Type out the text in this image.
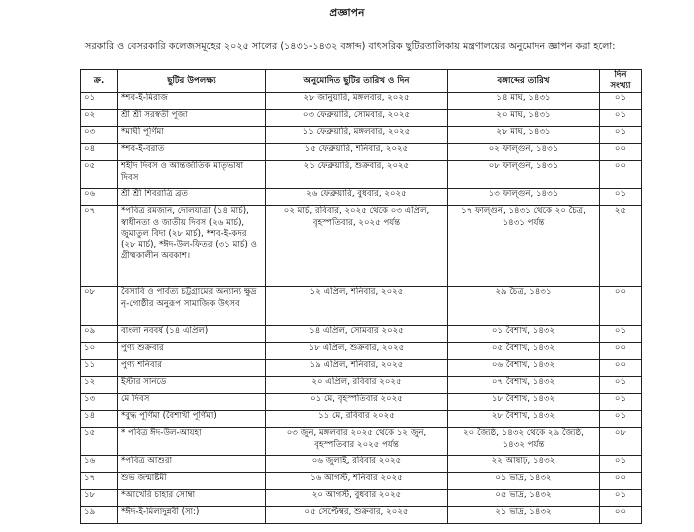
প্রজ্ঞাপন
সরকারি ও বেসরকারি কলেজসমূহের ২০২৫ সালের (১৪৩১-১৪৩২ বঙ্গাব্দ) বাৎসরিক ছুটিরতালিকায় মন্ত্রণালয়ের অনুমোদন জ্ঞাপন করা হলো:
ক্র.	ছুটির উপলক্ষ্য	অনুমোদিত ছুটির তারিখ ও দিন	বঙ্গাব্দের তারিখ	দিন সংখ্যা
০১	*শব-ই-মিরাজ	২৮ জানুয়ারি, মঙ্গলবার, ২০২৫	১৪ মাঘ, ১৪৩১	০১
০২	শ্রী শ্রী সরস্বতী পূজা	০৩ ফেব্রুয়ারি, সোমবার, ২০২৫	২০ মাঘ, ১৪৩১	০১
০৩	*মাঘী পূর্ণিমা	১১ ফেব্রুয়ারি, মঙ্গলবার, ২০২৫	২৮ মাঘ, ১৪৩১	০১
০৪	*শব-ই-বরাত	১৫ ফেব্রুয়ারি, শনিবার, ২০২৫	০২ ফাল্গুন, ১৪৩১	০০
০৫	শহীদ দিবস ও আন্তর্জাতিক মাতৃভাষা দিবস	২১ ফেব্রুয়ারি, শুক্রবার, ২০২৫	০৮ ফাল্গুন, ১৪৩১	০০
০৬	শ্রী শ্রী শিবরাত্রি ব্রত	২৬ ফেব্রুয়ারি, বুধবার, ২০২৫	১৩ ফাল্গুন, ১৪৩১	০১
০৭	*পবিত্র রমজান, দোলযাত্রা (১৪ মার্চ), স্বাধীনতা ও জাতীয় দিবস (২৬ মার্চ), জুমাতুল বিদা (২৮ মার্চ), *শব-ই-কদর (২৮ মার্চ), *ঈদ-উল-ফিতর (৩১ মার্চ) ও গ্রীষ্মকালীন অবকাশ।	০২ মার্চ, রবিবার, ২০২৫ থেকে ০৩ এপ্রিল, বৃহস্পতিবার, ২০২৫ পর্যন্ত	১৭ ফাল্গুন, ১৪৩১ থেকে ২০ চৈত্র, ১৪৩১ পর্যন্ত	২৫
০৮	বৈসাবি ও পার্বত্য চট্টগ্রামের অন্যান্য ক্ষুদ্র নৃ-গোষ্ঠীর অনুরূপ সামাজিক উৎসব	১২ এপ্রিল, শনিবার, ২০২৫	২৯ চৈত্র, ১৪৩১	০০
০৯	বাংলা নববর্ষ (১৪ এপ্রিল)	১৪ এপ্রিল, সোমবার ২০২৫	০১ বৈশাখ, ১৪৩২	০১
১০	পুণ্য শুক্রবার	১৮ এপ্রিল, শুক্রবার, ২০২৫	০৫ বৈশাখ, ১৪৩২	০০
১১	পুণ্য শনিবার	১৯ এপ্রিল, শনিবার, ২০২৫	০৬ বৈশাখ, ১৪৩২	০০
১২	ইস্টার সানডে	২০ এপ্রিল, রবিবার ২০২৫	০৭ বৈশাখ, ১৪৩২	০১
১৩	মে দিবস	০১ মে, বৃহস্পতিবার ২০২৫	১৮ বৈশাখ, ১৪৩২	০১
১৪	*বুদ্ধ পূর্ণিমা (বৈশাখী পূর্ণিমা)	১১ মে, রবিবার ২০২৫	২৮ বৈশাখ, ১৪৩২	০১
১৫	* পবিত্র ঈদ-উল-আযহা	০৩ জুন, মঙ্গলবার ২০২৫ থেকে ১২ জুন, বৃহস্পতিবার ২০২৫ পর্যন্ত	২০ জ্যৈষ্ঠ, ১৪৩২ থেকে ২৯ জ্যৈষ্ঠ, ১৪৩২ পর্যন্ত	০৮
১৬	*পবিত্র আশুরা	০৬ জুলাই, রবিবার ২০২৫	২২ আষাঢ়, ১৪৩২	০১
১৭	শুভ জন্মাষ্টমী	১৬ আগস্ট, শনিবার ২০২৫	০১ ভাদ্র, ১৪৩২	০০
১৮	*আখেরি চাহার সোম্বা	২০ আগস্ট, বুধবার ২০২৫	০৫ ভাদ্র, ১৪৩২	০১
১৯	*ঈদ-ই-মিলাদুন্নবী (সা:)	০৫ সেপ্টেম্বর, শুক্রবার, ২০২৫	২১ ভাদ্র, ১৪৩২	০০
